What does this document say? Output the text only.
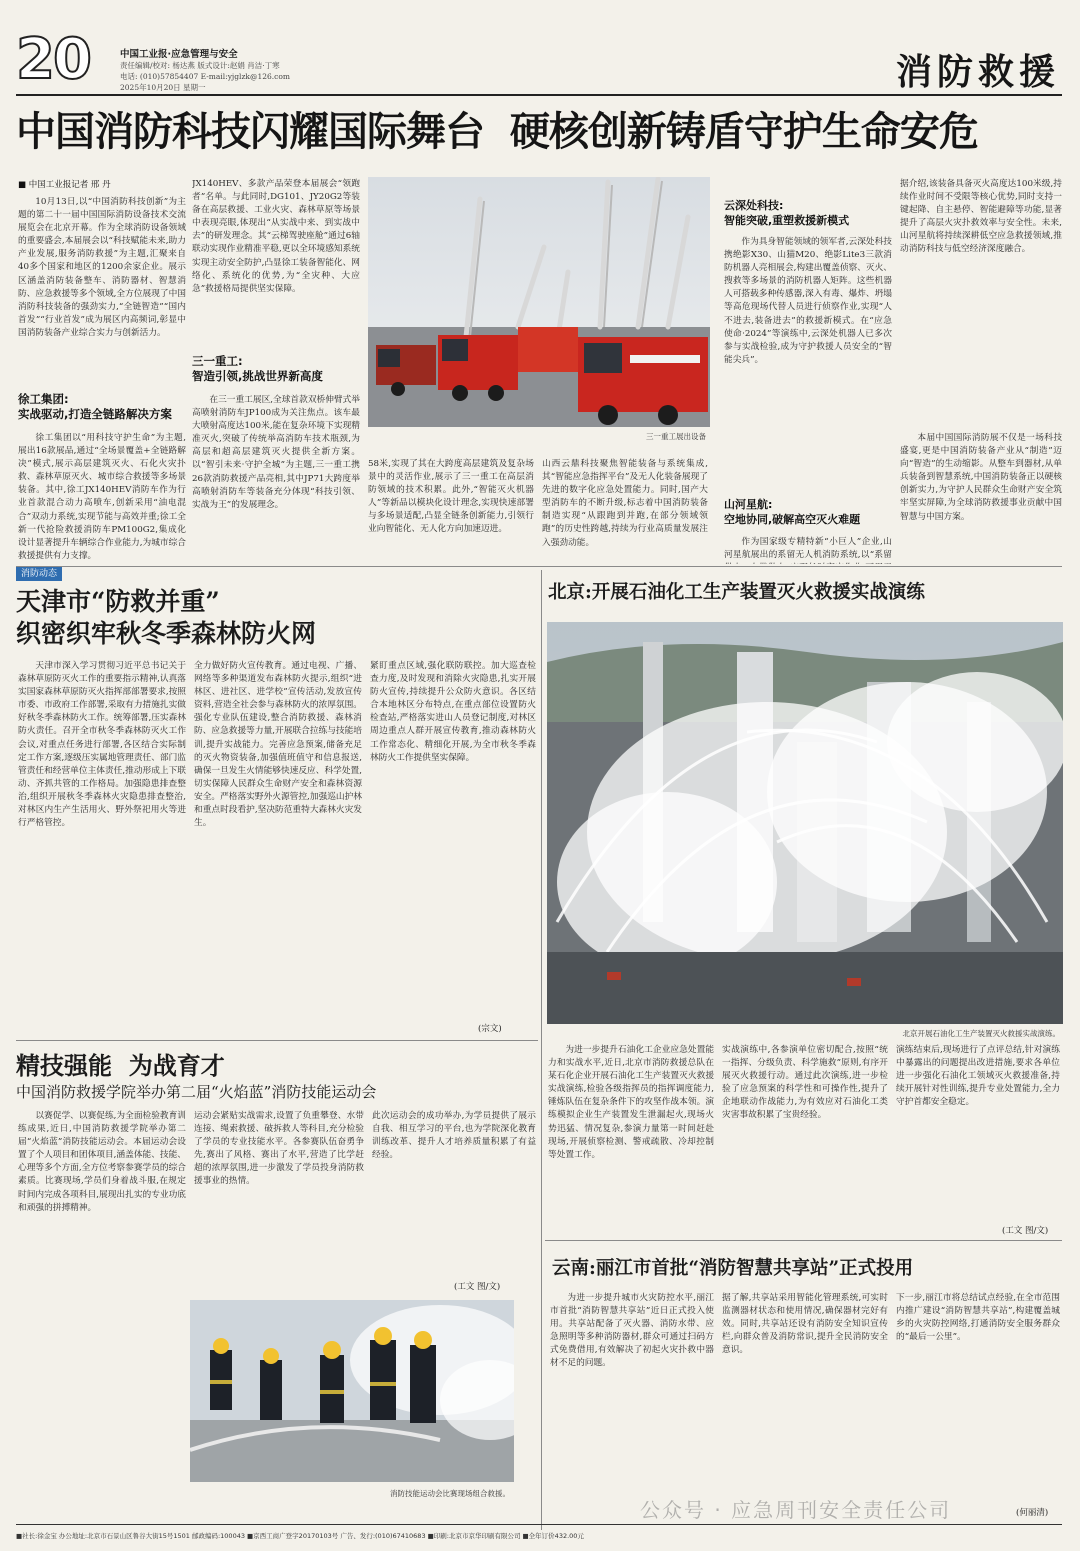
20	中国工业报·应急管理与安全
责任编辑/校对: 杨达燕 版式设计:赵娟 肖洁·丁寒
电话: (010)57854407 E-mail:yjglzk@126.com
2025年10月20日 星期一	消防救援
中国消防科技闪耀国际舞台  硬核创新铸盾守护生命安危
■ 中国工业报记者 邢 丹
10月13日,以“中国消防科技创新”为主题的第二十一届中国国际消防设备技术交流展览会在北京开幕。作为全球消防设备领域的重要盛会,本届展会以“科技赋能未来,助力产业发展,服务消防救援”为主题,汇聚来自40多个国家和地区的1200余家企业。展示区涵盖消防装备整车、消防器材、智慧消防、应急救援等多个领域,全方位展现了中国消防科技装备的强劲实力,“全链智造”“国内首发”“行业首发”成为展区内高频词,彰显中国消防装备产业综合实力与创新活力。
徐工集团:
实战驱动,打造全链路解决方案
徐工集团以“用科技守护生命”为主题,展出16款展品,通过“全场景覆盖+全链路解决”模式,展示高层建筑灭火、石化火灾扑救、森林草原灭火、城市综合救援等多场景装备。其中,徐工JX140HEV消防车作为行业首款混合动力高喷车,创新采用“油电混合”双动力系统,实现节能与高效并重;徐工全新一代抢险救援消防车PM100G2,集成化设计显著提升车辆综合作业能力,为城市综合救援提供有力支撑。
JX140HEV、多款产品荣登本届展会“领跑者”名单。与此同时,DG101、JY20G2等装备在高层救援、工业火灾、森林草原等场景中表现亮眼,体现出“从实战中来、到实战中去”的研发理念。其“云梯驾驶座舱”通过6轴联动实现作业精准平稳,更以全环境感知系统实现主动安全防护,凸显徐工装备智能化、网络化、系统化的优势,为“全灾种、大应急”救援格局提供坚实保障。
三一重工:
智造引领,挑战世界新高度
在三一重工展区,全球首款双桥伸臂式举高喷射消防车JP100成为关注焦点。该车最大喷射高度达100米,能在复杂环境下实现精准灭火,突破了传统举高消防车技术瓶颈,为高层和超高层建筑灭火提供全新方案。以“智引未来·守护全城”为主题,三一重工携26款消防救援产品亮相,其中JP71大跨度举高喷射消防车等装备充分体现“科技引领、实战为王”的发展理念。
三一重工展出设备
58米,实现了其在大跨度高层建筑及复杂场景中的灵活作业,展示了三一重工在高层消防领域的技术积累。此外,“智能灭火机器人”等新品以模块化设计理念,实现快速部署与多场景适配,凸显全链条创新能力,引领行业向智能化、无人化方向加速迈进。
山西云鼎科技聚焦智能装备与系统集成,其“智能应急指挥平台”及无人化装备展现了先进的数字化应急处置能力。同时,国产大型消防车的不断升级,标志着中国消防装备制造实现“从跟跑到并跑,在部分领域领跑”的历史性跨越,持续为行业高质量发展注入强劲动能。
云深处科技:
智能突破,重塑救援新模式
作为具身智能领域的领军者,云深处科技携绝影X30、山猫M20、绝影Lite3三款消防机器人亮相展会,构建出覆盖侦察、灭火、搜救等多场景的消防机器人矩阵。这些机器人可搭载多种传感器,深入有毒、爆炸、坍塌等高危现场代替人员进行侦察作业,实现“人不进去,装备进去”的救援新模式。在“应急使命·2024”等演练中,云深处机器人已多次参与实战检验,成为守护救援人员安全的“智能尖兵”。
山河星航:
空地协同,破解高空灭火难题
作为国家级专精特新“小巨人”企业,山河星航展出的系留无人机消防系统,以“系留
据介绍,该装备具备灭火高度达100米级,持续作业时间不受限等核心优势,同时支持一键起降、自主悬停、智能避障等功能,显著提升了高层火灾扑救效率与安全性。未来,山河星航将持续深耕低空应急救援领域,推动消防科技与低空经济深度融合。
本届中国国际消防展不仅是一场科技盛宴,更是中国消防装备产业从“制造”迈向“智造”的生动缩影。从整车到器材,从单兵装备到智慧系统,中国消防装备正以硬核创新实力,为守护人民群众生命财产安全筑牢坚实屏障,为全球消防救援事业贡献中国智慧与中国方案。
消防动态
天津市“防救并重”
织密织牢秋冬季森林防火网
天津市深入学习贯彻习近平总书记关于森林草原防灭火工作的重要指示精神,认真落实国家森林草原防灭火指挥部部署要求,按照市委、市政府工作部署,采取有力措施扎实做好秋冬季森林防火工作。统筹部署,压实森林防火责任。召开全市秋冬季森林防灭火工作会议,对重点任务进行部署,各区结合实际制定工作方案,逐级压实属地管理责任、部门监管责任和经营单位主体责任,推动形成上下联动、齐抓共管的工作格局。加强隐患排查整治,组织开展秋冬季森林火灾隐患排查整治,对林区内生产生活用火、野外祭祀用火等进行严格管控。
全力做好防火宣传教育。通过电视、广播、网络等多种渠道发布森林防火提示,组织“进林区、进社区、进学校”宣传活动,发放宣传资料,营造全社会参与森林防火的浓厚氛围。强化专业队伍建设,整合消防救援、森林消防、应急救援等力量,开展联合拉练与技能培训,提升实战能力。完善应急预案,储备充足的灭火物资装备,加强值班值守和信息报送,确保一旦发生火情能够快速反应、科学处置,切实保障人民群众生命财产安全和森林资源安全。严格落实野外火源管控,加强巡山护林和重点时段看护,坚决防范重特大森林火灾发生。
紧盯重点区域,强化联防联控。加大巡查检查力度,及时发现和消除火灾隐患,扎实开展防火宣传,持续提升公众防火意识。各区结合本地林区分布特点,在重点部位设置防火检查站,严格落实进山人员登记制度,对林区周边重点人群开展宣传教育,推动森林防火工作常态化、精细化开展,为全市秋冬季森林防火工作提供坚实保障。
(宗文)
北京:开展石油化工生产装置灭火救援实战演练
北京开展石油化工生产装置灭火救援实战演练。
为进一步提升石油化工企业应急处置能力和实战水平,近日,北京市消防救援总队在某石化企业开展石油化工生产装置灭火救援实战演练,检验各级指挥员的指挥调度能力,锤炼队伍在复杂条件下的攻坚作战本领。演练模拟企业生产装置发生泄漏起火,现场火势迅猛、情况复杂,参演力量第一时间赶赴现场,开展侦察检测、警戒疏散、冷却控制等处置工作。
实战演练中,各参演单位密切配合,按照“统一指挥、分级负责、科学施救”原则,有序开展灭火救援行动。通过此次演练,进一步检验了应急预案的科学性和可操作性,提升了企地联动作战能力,为有效应对石油化工类灾害事故积累了宝贵经验。
演练结束后,现场进行了点评总结,针对演练中暴露出的问题提出改进措施,要求各单位进一步强化石油化工领域灭火救援准备,持续开展针对性训练,提升专业处置能力,全力守护首都安全稳定。
(工文 图/文)
精技强能  为战育才
中国消防救援学院举办第二届“火焰蓝”消防技能运动会
以赛促学、以赛促练,为全面检验教育训练成果,近日,中国消防救援学院举办第二届“火焰蓝”消防技能运动会。本届运动会设置了个人项目和团体项目,涵盖体能、技能、心理等多个方面,全方位考察参赛学员的综合素质。比赛现场,学员们身着战斗服,在规定时间内完成各项科目,展现出扎实的专业功底和顽强的拼搏精神。
运动会紧贴实战需求,设置了负重攀登、水带连接、绳索救援、破拆救人等科目,充分检验了学员的专业技能水平。各参赛队伍奋勇争先,赛出了风格、赛出了水平,营造了比学赶超的浓厚氛围,进一步激发了学员投身消防救援事业的热情。
此次运动会的成功举办,为学员提供了展示自我、相互学习的平台,也为学院深化教育训练改革、提升人才培养质量积累了有益经验。
(工文 图/文)
消防技能运动会比赛现场组合救援。
云南:丽江市首批“消防智慧共享站”正式投用
为进一步提升城市火灾防控水平,丽江市首批“消防智慧共享站”近日正式投入使用。共享站配备了灭火器、消防水带、应急照明等多种消防器材,群众可通过扫码方式免费借用,有效解决了初起火灾扑救中器材不足的问题。
据了解,共享站采用智能化管理系统,可实时监测器材状态和使用情况,确保器材完好有效。同时,共享站还设有消防安全知识宣传栏,向群众普及消防常识,提升全民消防安全意识。
下一步,丽江市将总结试点经验,在全市范围内推广建设“消防智慧共享站”,构建覆盖城乡的火灾防控网络,打通消防安全服务群众的“最后一公里”。
(何丽清)
■社长:徐金宝 办公地址:北京市石景山区鲁谷大街15号1501 邮政编码:100043 ■京西工商广登字20170103号 广告、发行:(010)67410683 ■印刷:北京市京华印刷有限公司 ■全年订价432.00元
公众号 · 应急周刊安全责任公司
